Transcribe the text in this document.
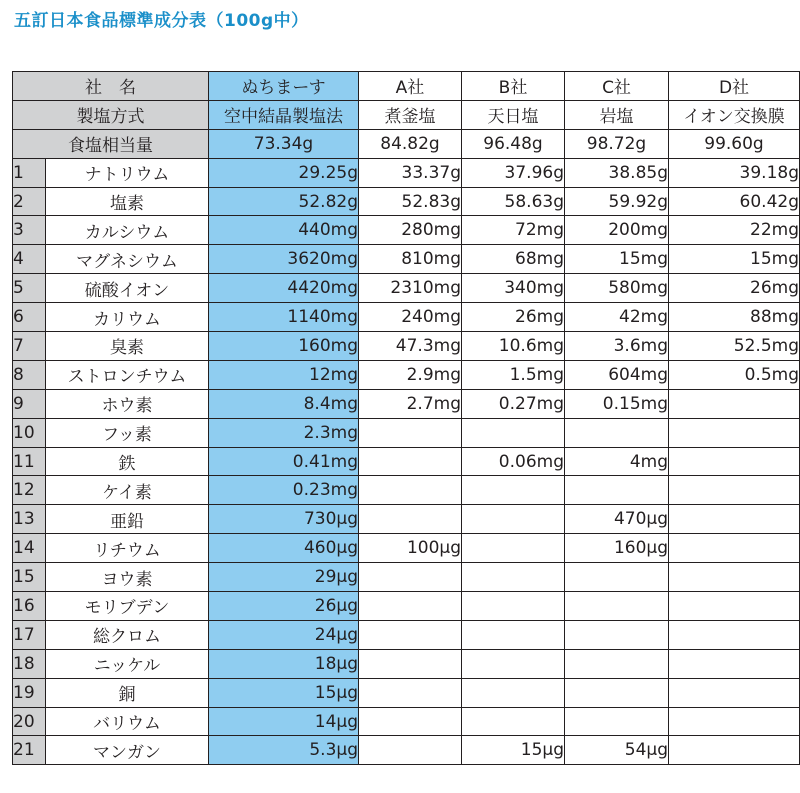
五訂日本食品標準成分表（100g中）
社　名		ぬちまーす	A社	B社	C社	D社
製塩方式		空中結晶製塩法	煮釜塩	天日塩	岩塩	イオン交換膜
食塩相当量		73.34g	84.82g	96.48g	98.72g	99.60g
1	ナトリウム	29.25g	33.37g	37.96g	38.85g	39.18g
2	塩素	52.82g	52.83g	58.63g	59.92g	60.42g
3	カルシウム	440mg	280mg	72mg	200mg	22mg
4	マグネシウム	3620mg	810mg	68mg	15mg	15mg
5	硫酸イオン	4420mg	2310mg	340mg	580mg	26mg
6	カリウム	1140mg	240mg	26mg	42mg	88mg
7	臭素	160mg	47.3mg	10.6mg	3.6mg	52.5mg
8	ストロンチウム	12mg	2.9mg	1.5mg	604mg	0.5mg
9	ホウ素	8.4mg	2.7mg	0.27mg	0.15mg	
10	フッ素	2.3mg				
11	鉄	0.41mg		0.06mg	4mg	
12	ケイ素	0.23mg				
13	亜鉛	730μg			470μg	
14	リチウム	460μg	100μg		160μg	
15	ヨウ素	29μg				
16	モリブデン	26μg				
17	総クロム	24μg				
18	ニッケル	18μg				
19	銅	15μg				
20	バリウム	14μg				
21	マンガン	5.3μg		15μg	54μg	
